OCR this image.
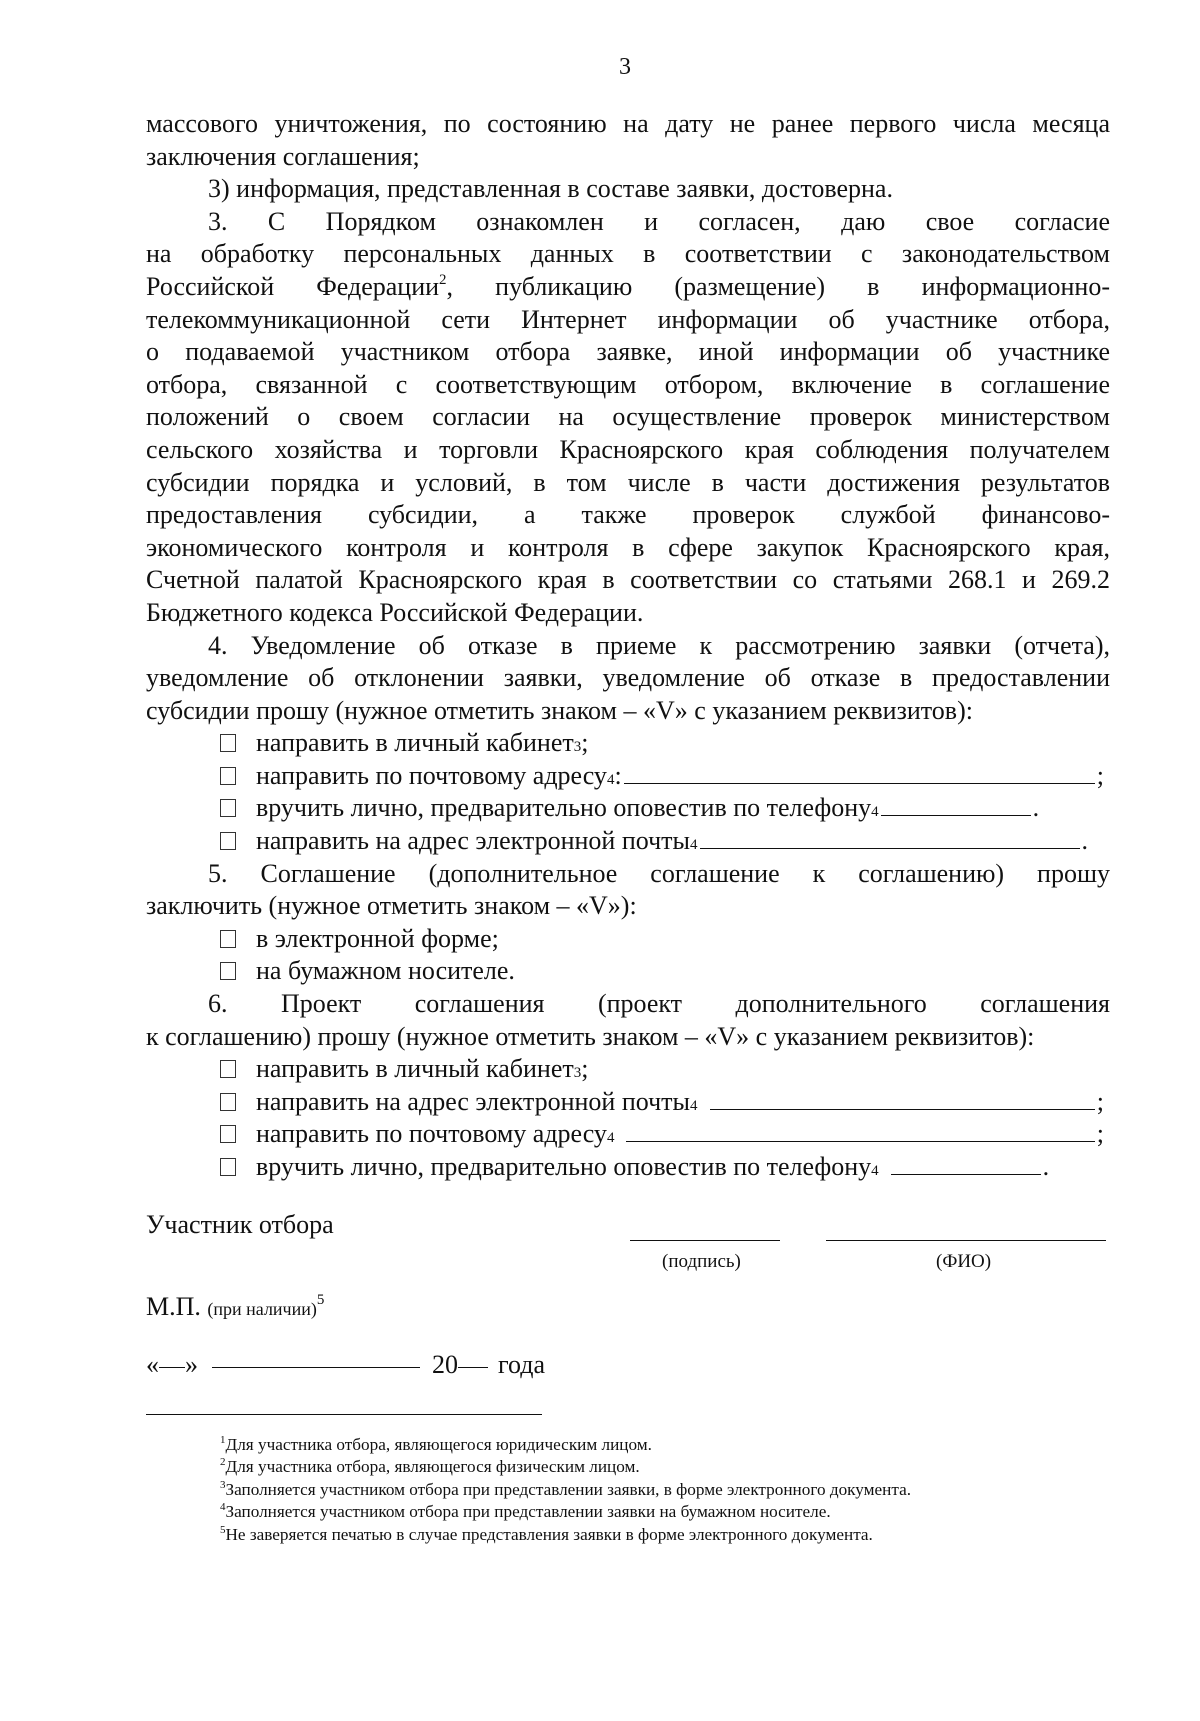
3

массового уничтожения, по состоянию на дату не ранее первого числа месяца

заключения соглашения;

3) информация, представленная в составе заявки, достоверна.

3. С Порядком ознакомлен и согласен, даю свое согласие

на обработку персональных данных в соответствии с законодательством

Российской Федерации$^2$, публикацию (размещение) в информационно-

телекоммуникационной сети Интернет информации об участнике отбора,

о подаваемой участником отбора заявке, иной информации об участнике

отбора, связанной с соответствующим отбором, включение в соглашение

положений о своем согласии на осуществление проверок министерством

сельского хозяйства и торговли Красноярского края соблюдения получателем

субсидии порядка и условий, в том числе в части достижения результатов

предоставления субсидии, а также проверок службой финансово-

экономического контроля и контроля в сфере закупок Красноярского края,

Счетной палатой Красноярского края в соответствии со статьями 268.1 и 269.2

Бюджетного кодекса Российской Федерации.

4. Уведомление об отказе в приеме к рассмотрению заявки (отчета),

уведомление об отклонении заявки, уведомление об отказе в предоставлении

субсидии прошу (нужное отметить знаком – «V» с указанием реквизитов):

направить в личный кабинет 3 ;
направить по почтовому адресу 4 :	;
вручить лично, предварительно оповестив по телефону 4	.
направить на адрес электронной почты 4	.

5. Соглашение (дополнительное соглашение к соглашению) прошу

заключить (нужное отметить знаком – «V»):

в электронной форме;
на бумажном носителе.

6. Проект соглашения (проект дополнительного соглашения

к соглашению) прошу (нужное отметить знаком – «V» с указанием реквизитов):

направить в личный кабинет 3 ;
направить на адрес электронной почты 4	;
направить по почтовому адресу 4	;
вручить лично, предварительно оповестив по телефону 4	.
Участник отбора
(подпись)	(ФИО)
М.П. (при наличии)$^5$
« »	20 года
$^1$Для участника отбора, являющегося юридическим лицом.
$^2$Для участника отбора, являющегося физическим лицом.
$^3$Заполняется участником отбора при представлении заявки, в форме электронного документа.
$^4$Заполняется участником отбора при представлении заявки на бумажном носителе.
$^5$Не заверяется печатью в случае представления заявки в форме электронного документа.
